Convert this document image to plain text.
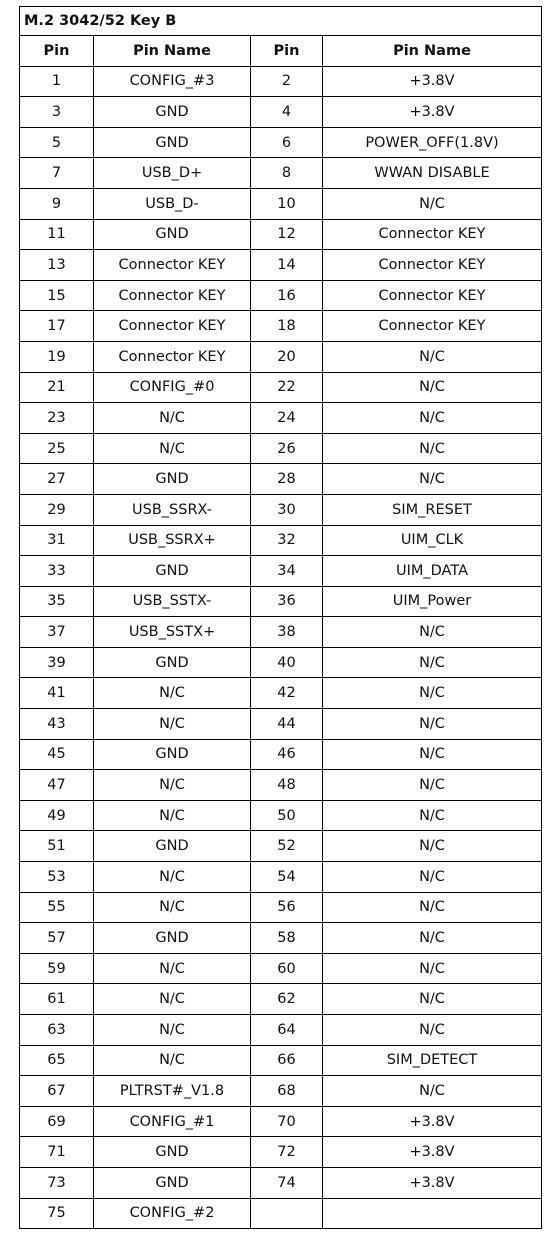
M.2 3042/52 Key B			
Pin	Pin Name	Pin	Pin Name
1	CONFIG_#3	2	+3.8V
3	GND	4	+3.8V
5	GND	6	POWER_OFF(1.8V)
7	USB_D+	8	WWAN DISABLE
9	USB_D-	10	N/C
11	GND	12	Connector KEY
13	Connector KEY	14	Connector KEY
15	Connector KEY	16	Connector KEY
17	Connector KEY	18	Connector KEY
19	Connector KEY	20	N/C
21	CONFIG_#0	22	N/C
23	N/C	24	N/C
25	N/C	26	N/C
27	GND	28	N/C
29	USB_SSRX-	30	SIM_RESET
31	USB_SSRX+	32	UIM_CLK
33	GND	34	UIM_DATA
35	USB_SSTX-	36	UIM_Power
37	USB_SSTX+	38	N/C
39	GND	40	N/C
41	N/C	42	N/C
43	N/C	44	N/C
45	GND	46	N/C
47	N/C	48	N/C
49	N/C	50	N/C
51	GND	52	N/C
53	N/C	54	N/C
55	N/C	56	N/C
57	GND	58	N/C
59	N/C	60	N/C
61	N/C	62	N/C
63	N/C	64	N/C
65	N/C	66	SIM_DETECT
67	PLTRST#_V1.8	68	N/C
69	CONFIG_#1	70	+3.8V
71	GND	72	+3.8V
73	GND	74	+3.8V
75	CONFIG_#2		
